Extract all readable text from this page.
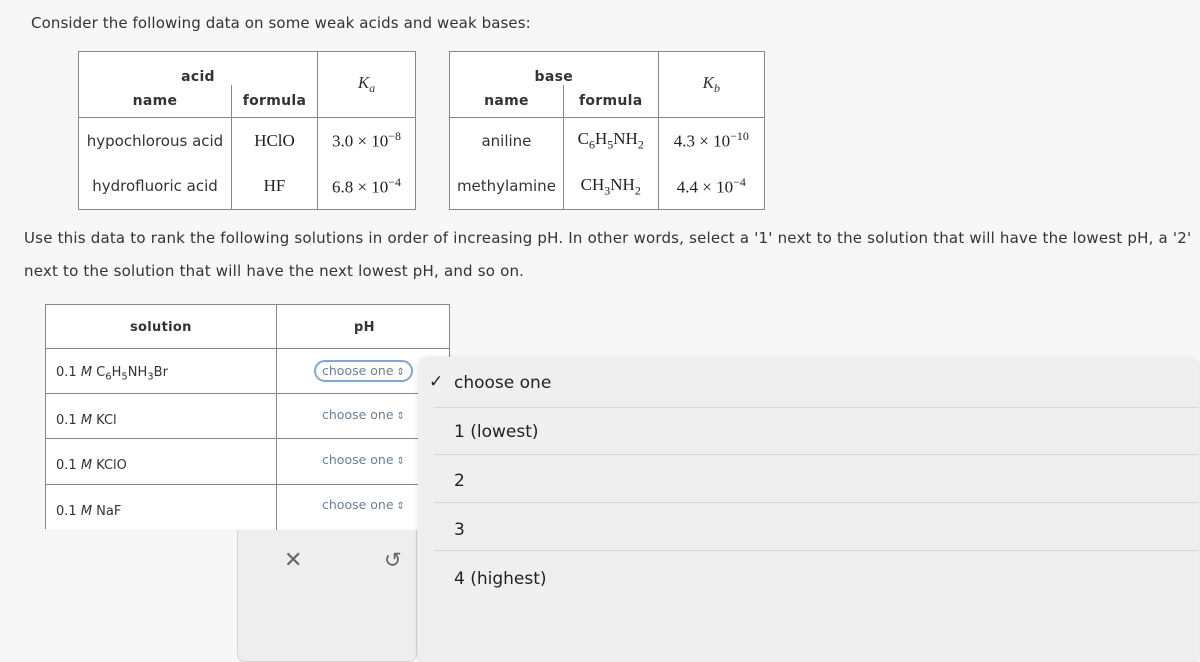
Consider the following data on some weak acids and weak bases:
acid		$K_a$
name	formula	
hypochlorous acid	HClO	$3.0 \times 10^{-8}$
hydrofluoric acid	HF	$6.8 \times 10^{-4}$
base		$K_b$
name	formula	
aniline	$C_6H_5NH_2$	$4.3 \times 10^{-10}$
methylamine	$CH_3NH_2$	$4.4 \times 10^{-4}$
Use this data to rank the following solutions in order of increasing pH. In other words, select a '1' next to the solution that will have the lowest pH, a '2' next to the solution that will have the next lowest pH, and so on.
solution	pH
0.1 M $C_6H_5NH_3Br$	choose one ⇕
0.1 M KCl	choose one ⇕
0.1 M KClO	choose one ⇕
0.1 M NaF	choose one ⇕
✕	↺
✓ choose one
1 (lowest)
2
3
4 (highest)
